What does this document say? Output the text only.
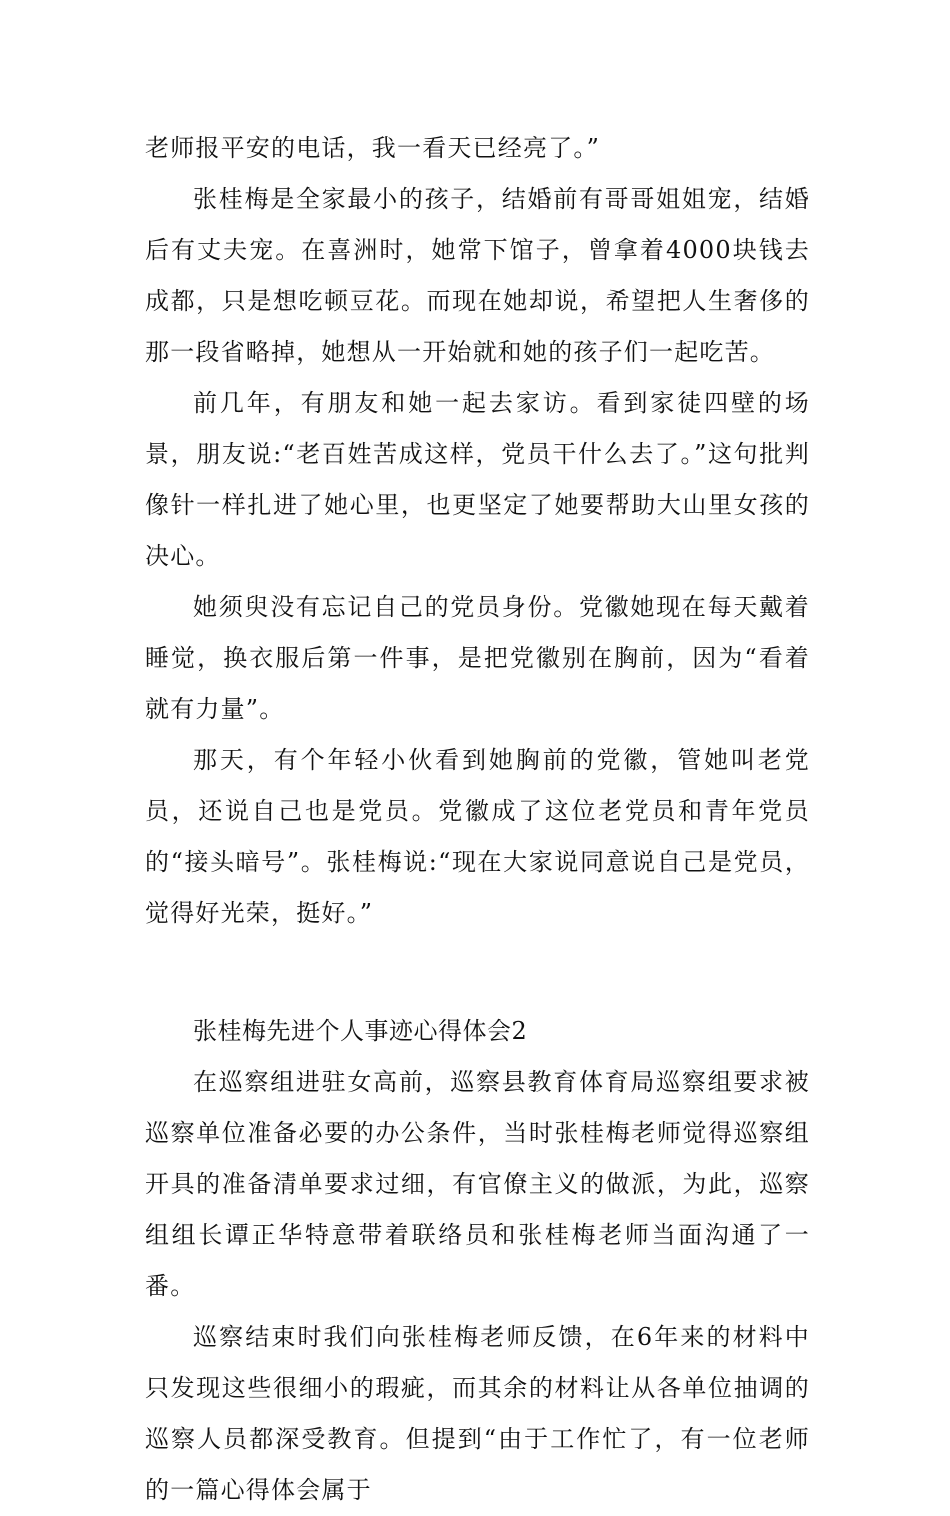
老师报平安的电话，我一看天已经亮了。”

张桂梅是全家最小的孩子，结婚前有哥哥姐姐宠，结婚后有丈夫宠。在喜洲时，她常下馆子，曾拿着4000块钱去成都，只是想吃顿豆花。而现在她却说，希望把人生奢侈的那一段省略掉，她想从一开始就和她的孩子们一起吃苦。

前几年，有朋友和她一起去家访。看到家徒四壁的场景，朋友说:“老百姓苦成这样，党员干什么去了。”这句批判像针一样扎进了她心里，也更坚定了她要帮助大山里女孩的决心。

她须臾没有忘记自己的党员身份。党徽她现在每天戴着睡觉，换衣服后第一件事，是把党徽别在胸前，因为“看着就有力量”。

那天，有个年轻小伙看到她胸前的党徽，管她叫老党员，还说自己也是党员。党徽成了这位老党员和青年党员的“接头暗号”。张桂梅说:“现在大家说同意说自己是党员，觉得好光荣，挺好。”

张桂梅先进个人事迹心得体会2

在巡察组进驻女高前，巡察县教育体育局巡察组要求被巡察单位准备必要的办公条件，当时张桂梅老师觉得巡察组开具的准备清单要求过细，有官僚主义的做派，为此，巡察组组长谭正华特意带着联络员和张桂梅老师当面沟通了一番。

巡察结束时我们向张桂梅老师反馈，在6年来的材料中只发现这些很细小的瑕疵，而其余的材料让从各单位抽调的巡察人员都深受教育。但提到“由于工作忙了，有一位老师的一篇心得体会属于
